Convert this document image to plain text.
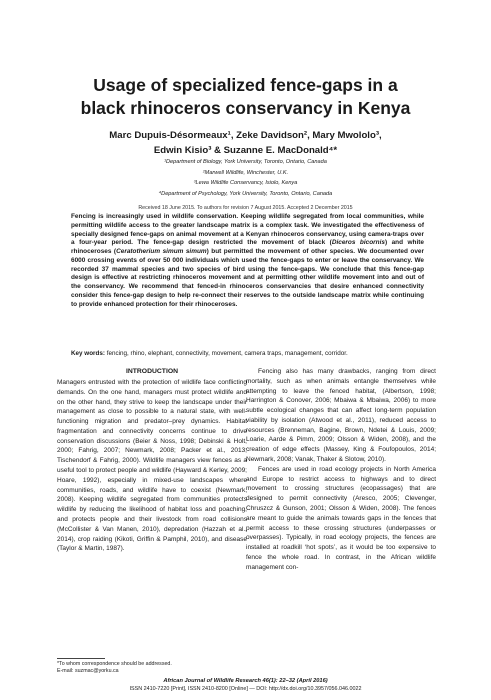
Usage of specialized fence-gaps in a
black rhinoceros conservancy in Kenya
Marc Dupuis-Désormeaux¹, Zeke Davidson², Mary Mwololo³,
Edwin Kisio³ & Suzanne E. MacDonald⁴*
¹Department of Biology, York University, Toronto, Ontario, Canada
²Marwell Wildlife, Winchester, U.K.
³Lewa Wildlife Conservancy, Isiolo, Kenya
⁴Department of Psychology, York University, Toronto, Ontario, Canada
Received 18 June 2015. To authors for revision 7 August 2015. Accepted 2 December 2015

Fencing is increasingly used in wildlife conservation. Keeping wildlife segregated from local communities, while permitting wildlife access to the greater landscape matrix is a complex task. We investigated the effectiveness of specially designed fence-gaps on animal movement at a Kenyan rhinoceros conservancy, using camera-traps over a four-year period. The fence-gap design restricted the movement of black (Diceros bicornis) and white rhinoceroses (Ceratotherium simum simum) but permitted the movement of other species. We documented over 6000 crossing events of over 50 000 individuals which used the fence-gaps to enter or leave the conservancy. We recorded 37 mammal species and two species of bird using the fence-gaps. We conclude that this fence-gap design is effective at restricting rhinoceros movement and at permitting other wildlife movement into and out of the conservancy. We recommend that fenced-in rhinoceros conservancies that desire enhanced connectivity consider this fence-gap design to help re-connect their reserves to the outside landscape matrix while continuing to provide enhanced protection for their rhinoceroses.

Key words: fencing, rhino, elephant, connectivity, movement, camera traps, management, corridor.
INTRODUCTION

Managers entrusted with the protection of wildlife face conflicting demands. On the one hand, managers must protect wildlife and on the other hand, they strive to keep the landscape under their management as close to possible to a natural state, with well-functioning migration and predator–prey dynamics. Habitat fragmentation and connectivity concerns continue to drive conservation discussions (Beier & Noss, 1998; Debinski & Holt, 2000; Fahrig, 2007; Newmark, 2008; Packer et al., 2013; Tischendorf & Fahrig, 2000). Wildlife managers view fences as a useful tool to protect people and wildlife (Hayward & Kerley, 2009; Hoare, 1992), especially in mixed-use landscapes where communities, roads, and wildlife have to coexist (Newmark, 2008). Keeping wildlife segregated from communities protects wildlife by reducing the likelihood of habitat loss and poaching, and protects people and their livestock from road collisions (McCollister & Van Manen, 2010), depredation (Hazzah et al., 2014), crop raiding (Kikoti, Griffin & Pamphil, 2010), and disease (Taylor & Martin, 1987).

Fencing also has many drawbacks, ranging from direct mortality, such as when animals entangle themselves while attempting to leave the fenced habitat, (Albertson, 1998; Harrington & Conover, 2006; Mbaiwa & Mbaiwa, 2006) to more subtle ecological changes that can affect long-term population viability by isolation (Atwood et al., 2011), reduced access to resources (Brenneman, Bagine, Brown, Ndetei & Louis, 2009; Loarie, Aarde & Pimm, 2009; Olsson & Widen, 2008), and the creation of edge effects (Massey, King & Foufopoulos, 2014; Newmark, 2008; Vanak, Thaker & Slotow, 2010).

Fences are used in road ecology projects in North America and Europe to restrict access to highways and to direct movement to crossing structures (ecopassages) that are designed to permit connectivity (Aresco, 2005; Clevenger, Chruszcz & Gunson, 2001; Olsson & Widen, 2008). The fences are meant to guide the animals towards gaps in the fences that permit access to these crossing structures (underpasses or overpasses). Typically, in road ecology projects, the fences are installed at roadkill ‘hot spots’, as it would be too expensive to fence the whole road. In contrast, in the African wildlife management con-

*To whom correspondence should be addressed.
E-mail: suzmac@yorku.ca
African Journal of Wildlife Research 46(1): 22–32 (April 2016)
ISSN 2410-7220 [Print], ISSN 2410-8200 [Online] — DOI: http://dx.doi.org/10.3957/056.046.0022
